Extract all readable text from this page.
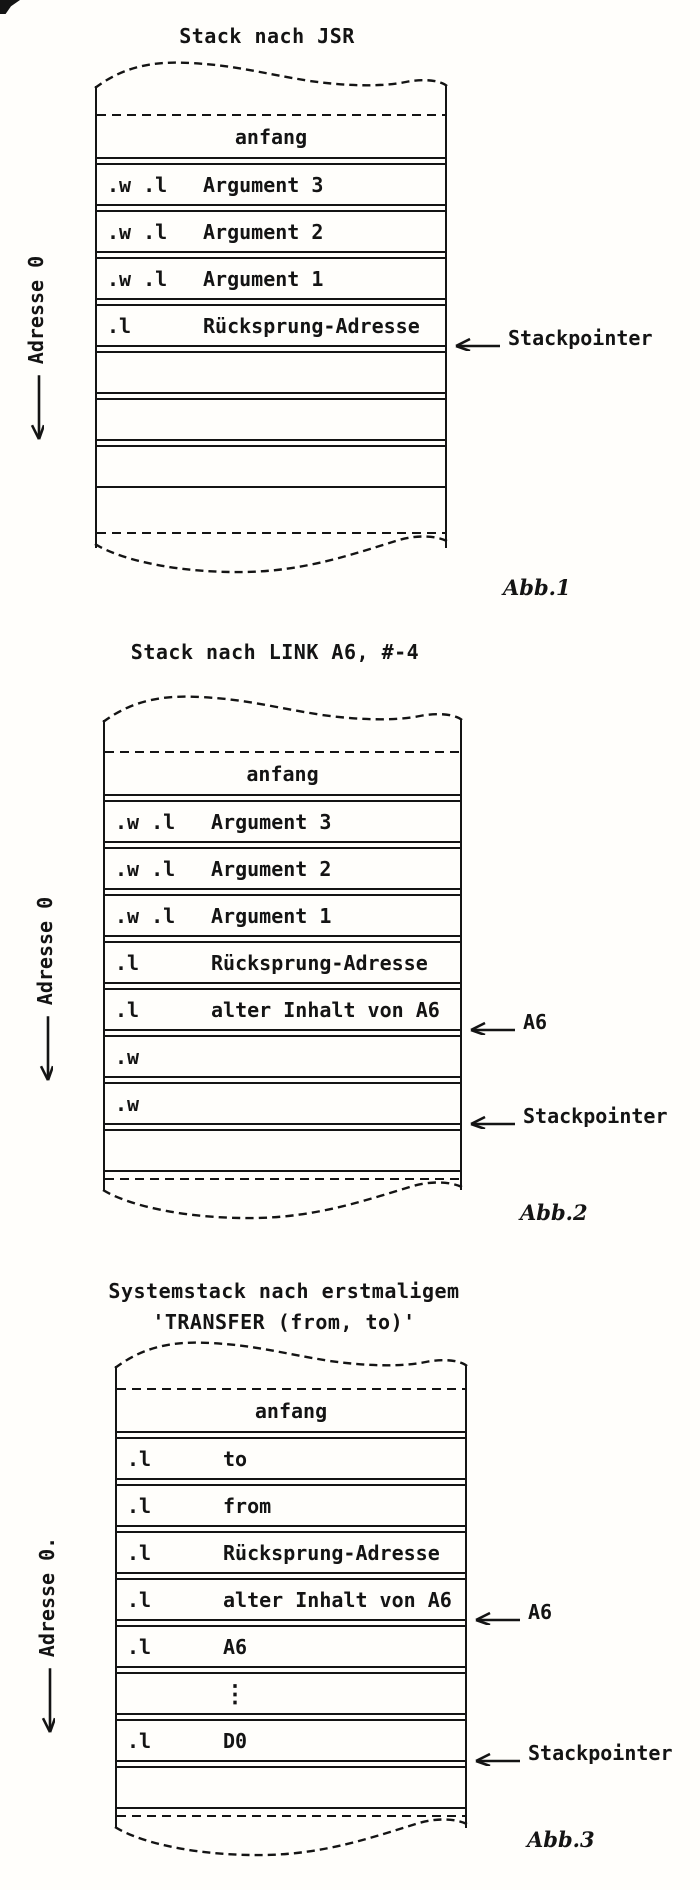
Stack nach JSR
Stackpointer
anfang
.w .l	Argument 3
.w .l	Argument 2
.w .l	Argument 1
.l	Rücksprung-Adresse
Adresse 0
Abb.1
Stack nach LINK A6, #-4
A6
Stackpointer
anfang
.w .l	Argument 3
.w .l	Argument 2
.w .l	Argument 1
.l	Rücksprung-Adresse
.l	alter Inhalt von A6
.w
.w
Adresse 0
Abb.2
Systemstack nach erstmaligem
'TRANSFER (from, to)'
A6
Stackpointer
anfang
.l	to
.l	from
.l	Rücksprung-Adresse
.l	alter Inhalt von A6
.l	A6
⋮
.l	D0
Adresse 0.
Abb.3
